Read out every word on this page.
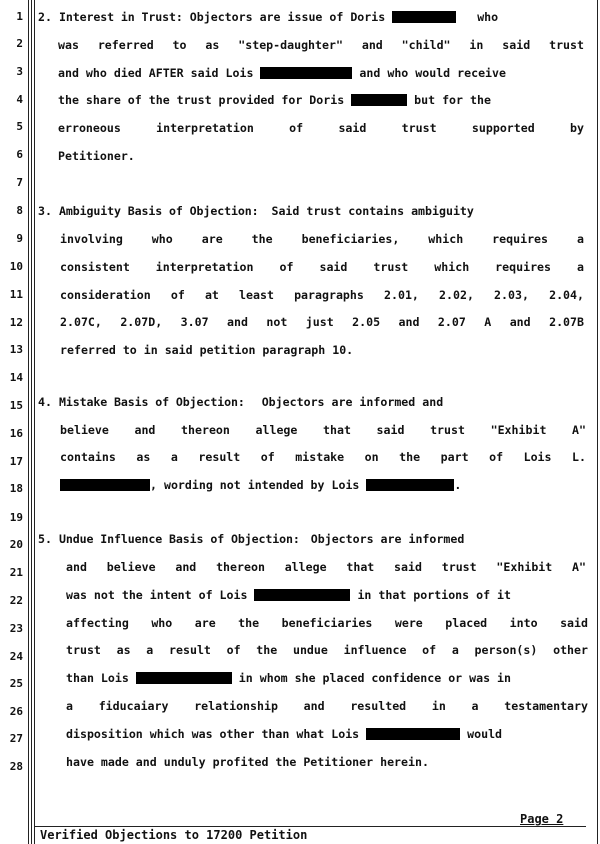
1
2
3
4
5
6
7
8
9
10
11
12
13
14
15
16
17
18
19
20
21
22
23
24
25
26
27
28
2. Interest in Trust: Objectors are issue of Doris	who
was referred to as "step-daughter" and "child" in said trust
and who died AFTER said Lois	and who would receive
the share of the trust provided for Doris	but for the
erroneous interpretation of said trust supported by
Petitioner.
3. Ambiguity Basis of Objection: Said trust contains ambiguity
involving who are the beneficiaries, which requires a
consistent interpretation of said trust which requires a
consideration of at least paragraphs 2.01, 2.02, 2.03, 2.04,
2.07C, 2.07D, 3.07 and not just 2.05 and 2.07 A and 2.07B
referred to in said petition paragraph 10.
4. Mistake Basis of Objection: Objectors are informed and
believe and thereon allege that said trust "Exhibit A"
contains as a result of mistake on the part of Lois L.
, wording not intended by Lois	.
5. Undue Influence Basis of Objection: Objectors are informed
and believe and thereon allege that said trust "Exhibit A"
was not the intent of Lois	in that portions of it
affecting who are the beneficiaries were placed into said
trust as a result of the undue influence of a person(s) other
than Lois	in whom she placed confidence or was in
a fiducaiary relationship and resulted in a testamentary
disposition which was other than what Lois	would
have made and unduly profited the Petitioner herein.
Page 2
Verified Objections to 17200 Petition
